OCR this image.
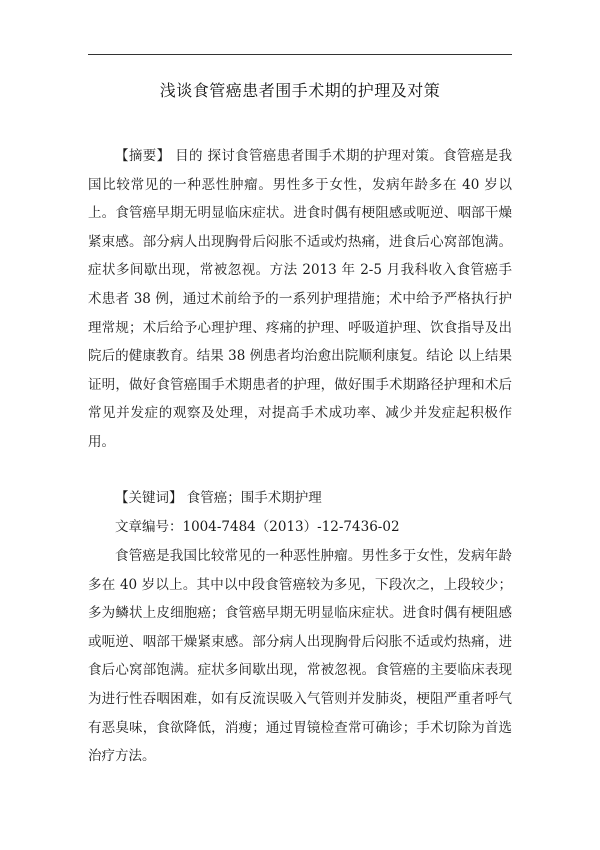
浅谈食管癌患者围手术期的护理及对策
【摘要】 目的 探讨食管癌患者围手术期的护理对策。食管癌是我国比较常见的一种恶性肿瘤。男性多于女性，发病年龄多在 40 岁以上。食管癌早期无明显临床症状。进食时偶有梗阻感或呃逆、咽部干燥紧束感。部分病人出现胸骨后闷胀不适或灼热痛，进食后心窝部饱满。症状多间歇出现，常被忽视。方法 2013 年 2-5 月我科收入食管癌手术患者 38 例，通过术前给予的一系列护理措施；术中给予严格执行护理常规；术后给予心理护理、疼痛的护理、呼吸道护理、饮食指导及出院后的健康教育。结果 38 例患者均治愈出院顺利康复。结论 以上结果证明，做好食管癌围手术期患者的护理，做好围手术期路径护理和术后常见并发症的观察及处理，对提高手术成功率、减少并发症起积极作用。
【关键词】 食管癌；围手术期护理
文章编号：1004-7484（2013）-12-7436-02
食管癌是我国比较常见的一种恶性肿瘤。男性多于女性，发病年龄多在 40 岁以上。其中以中段食管癌较为多见，下段次之，上段较少；多为鳞状上皮细胞癌；食管癌早期无明显临床症状。进食时偶有梗阻感或呃逆、咽部干燥紧束感。部分病人出现胸骨后闷胀不适或灼热痛，进食后心窝部饱满。症状多间歇出现，常被忽视。食管癌的主要临床表现为进行性吞咽困难，如有反流误吸入气管则并发肺炎，梗阻严重者呼气有恶臭味，食欲降低，消瘦；通过胃镜检查常可确诊；手术切除为首选治疗方法。
